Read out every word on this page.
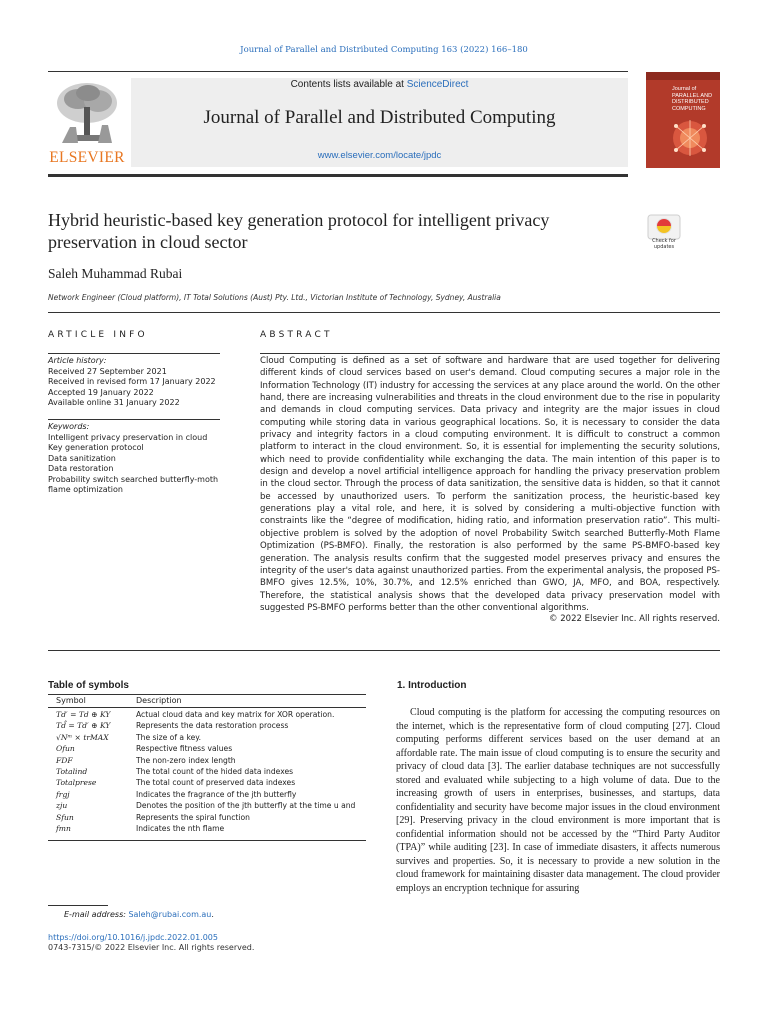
Journal of Parallel and Distributed Computing 163 (2022) 166–180
Contents lists available at ScienceDirect
Journal of Parallel and Distributed Computing
www.elsevier.com/locate/jpdc
ELSEVIER
Journal of PARALLEL AND DISTRIBUTED COMPUTING
Hybrid heuristic-based key generation protocol for intelligent privacy preservation in cloud sector	Check for
updates
Saleh Muhammad Rubai
Network Engineer (Cloud platform), IT Total Solutions (Aust) Pty. Ltd., Victorian Institute of Technology, Sydney, Australia
ARTICLE INFO	ABSTRACT
Article history:
Received 27 September 2021
Received in revised form 17 January 2022
Accepted 19 January 2022
Available online 31 January 2022
Keywords:
Intelligent privacy preservation in cloud
Key generation protocol
Data sanitization
Data restoration
Probability switch searched butterfly-moth flame optimization
Cloud Computing is defined as a set of software and hardware that are used together for delivering different kinds of cloud services based on user's demand. Cloud computing secures a major role in the Information Technology (IT) industry for accessing the services at any place around the world. On the other hand, there are increasing vulnerabilities and threats in the cloud environment due to the rise in popularity and demands in cloud computing services. Data privacy and integrity are the major issues in cloud computing while storing data in various geographical locations. So, it is necessary to consider the data privacy and integrity factors in a cloud computing environment. It is difficult to construct a common platform to interact in the cloud environment. So, it is essential for implementing the security solutions, which need to provide confidentiality while exchanging the data. The main intention of this paper is to design and develop a novel artificial intelligence approach for handling the privacy preservation problem in the cloud sector. Through the process of data sanitization, the sensitive data is hidden, so that it cannot be accessed by unauthorized users. To perform the sanitization process, the heuristic-based key generations play a vital role, and here, it is solved by considering a multi-objective function with constraints like the “degree of modification, hiding ratio, and information preservation ratio”. This multi-objective problem is solved by the adoption of novel Probability Switch searched Butterfly-Moth Flame Optimization (PS-BMFO). Finally, the restoration is also performed by the same PS-BMFO-based key generation. The analysis results confirm that the suggested model preserves privacy and ensures the integrity of the user's data against unauthorized parties. From the experimental analysis, the proposed PS-BMFO gives 12.5%, 10%, 30.7%, and 12.5% enriched than GWO, JA, MFO, and BOA, respectively. Therefore, the statistical analysis shows that the developed data privacy preservation model with suggested PS-BMFO performs better than the other conventional algorithms.
© 2022 Elsevier Inc. All rights reserved.
Table of symbols
Symbol	Description
Td′ = Td ⊕ KY	Actual cloud data and key matrix for XOR operation.
Td̂ = Td′ ⊕ KY	Represents the data restoration process
√Nᵐ × trMAX	The size of a key.
Ofun	Respective fitness values
FDF	The non-zero index length
Totalind	The total count of the hided data indexes
Totalprese	The total count of preserved data indexes
frgj	Indicates the fragrance of the jth butterfly
zju	Denotes the position of the jth butterfly at the time u and
Sfun	Represents the spiral function
fmn	Indicates the nth flame
1. Introduction
Cloud computing is the platform for accessing the computing resources on the internet, which is the representative form of cloud computing [27]. Cloud computing performs different services based on the user demand at an affordable rate. The main issue of cloud computing is to ensure the security and privacy of cloud data [3]. The earlier database techniques are not successfully stored and evaluated while subjecting to a high volume of data. Due to the increasing growth of users in enterprises, businesses, and startups, data confidentiality and security have become major issues in the cloud environment [29]. Preserving privacy in the cloud environment is more important that is confidential information should not be accessed by the “Third Party Auditor (TPA)” while auditing [23]. In case of immediate disasters, it affects numerous survives and properties. So, it is necessary to provide a new solution in the cloud framework for maintaining disaster data management. The cloud provider employs an encryption technique for assuring
E-mail address: Saleh@rubai.com.au.
https://doi.org/10.1016/j.jpdc.2022.01.005
0743-7315/© 2022 Elsevier Inc. All rights reserved.
